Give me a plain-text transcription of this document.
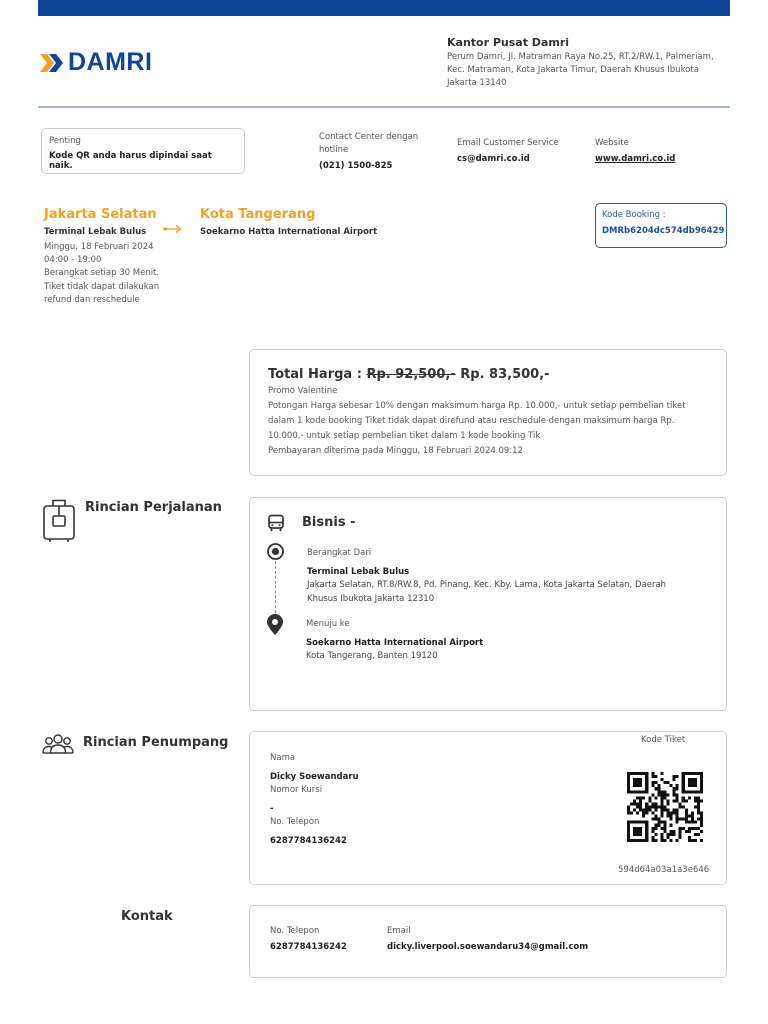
DAMRI
Kantor Pusat Damri
Perum Damri, Jl. Matraman Raya No.25, RT.2/RW.1, Palmeriam, Kec. Matraman, Kota Jakarta Timur, Daerah Khusus Ibukota Jakarta 13140
Penting
Kode QR anda harus dipindai saat naik.
Contact Center dengan hotline
(021) 1500-825
Email Customer Service
cs@damri.co.id
Website
www.damri.co.id
Jakarta Selatan
Terminal Lebak Bulus
Minggu, 18 Februari 2024
04:00 - 19:00
Berangkat setiap 30 Menit. Tiket tidak dapat dilakukan refund dan reschedule
Kota Tangerang
Soekarno Hatta International Airport
Kode Booking :
DMRb6204dc574db96429
Total Harga : Rp. 92,500,- Rp. 83,500,-
Promo Valentine
Potongan Harga sebesar 10% dengan maksimum harga Rp. 10.000,- untuk setiap pembelian tiket dalam 1 kode booking Tiket tidak dapat direfund atau reschedule dengan maksimum harga Rp. 10.000,- untuk setiap pembelian tiket dalam 1 kode booking Tik
Pembayaran diterima pada Minggu, 18 Februari 2024 09:12
Rincian Perjalanan
Bisnis -
Berangkat Dari
Terminal Lebak Bulus
Jakarta Selatan, RT.8/RW.8, Pd. Pinang, Kec. Kby. Lama, Kota Jakarta Selatan, Daerah Khusus Ibukota Jakarta 12310
Menuju ke
Soekarno Hatta International Airport
Kota Tangerang, Banten 19120
Rincian Penumpang
Nama
Dicky Soewandaru
Nomor Kursi
-
No. Telepon
6287784136242
Kode Tiket
594d64a03a1a3e646
Kontak
No. Telepon
6287784136242
Email
dicky.liverpool.soewandaru34@gmail.com
